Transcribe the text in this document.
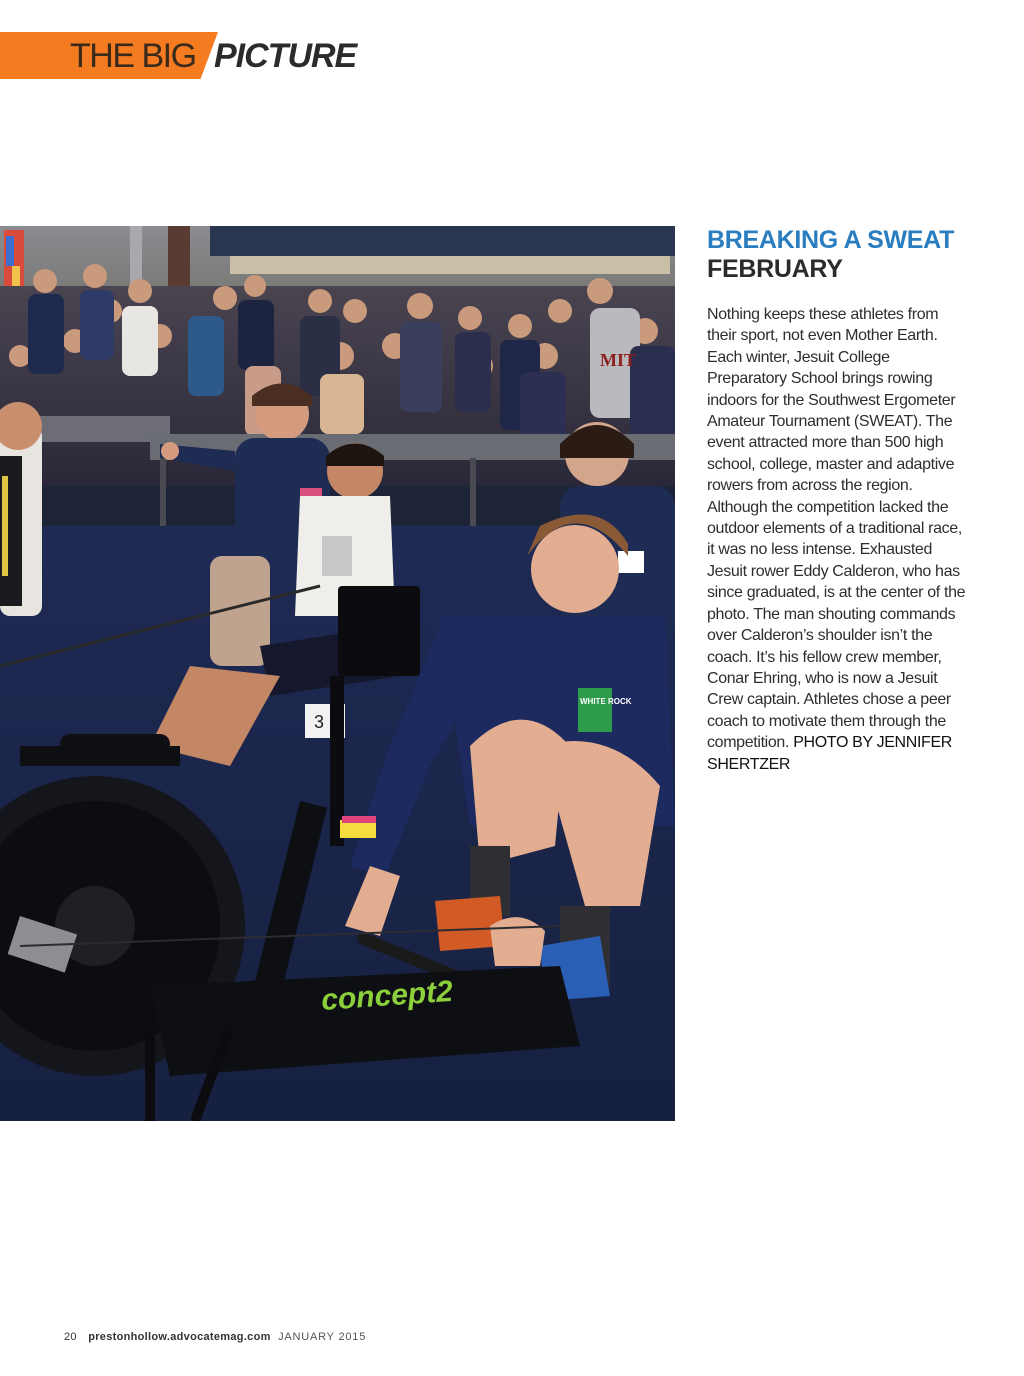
THE BIG PICTURE
MIT
3
WHITE ROCK
concept2
BREAKING A SWEAT
FEBRUARY

Nothing keeps these athletes from their sport, not even Mother Earth. Each winter, Jesuit College Preparatory School brings rowing indoors for the Southwest Ergometer Amateur Tournament (SWEAT). The event attracted more than 500 high school, college, master and adaptive rowers from across the region. Although the competition lacked the outdoor elements of a traditional race, it was no less intense. Exhausted Jesuit rower Eddy Calderon, who has since graduated, is at the center of the photo. The man shouting commands over Calderon’s shoulder isn’t the coach. It’s his fellow crew member, Conar Ehring, who is now a Jesuit Crew captain. Athletes chose a peer coach to motivate them through the competition. PHOTO BY JENNIFER SHERTZER

20 prestonhollow.advocatemag.com JANUARY 2015
